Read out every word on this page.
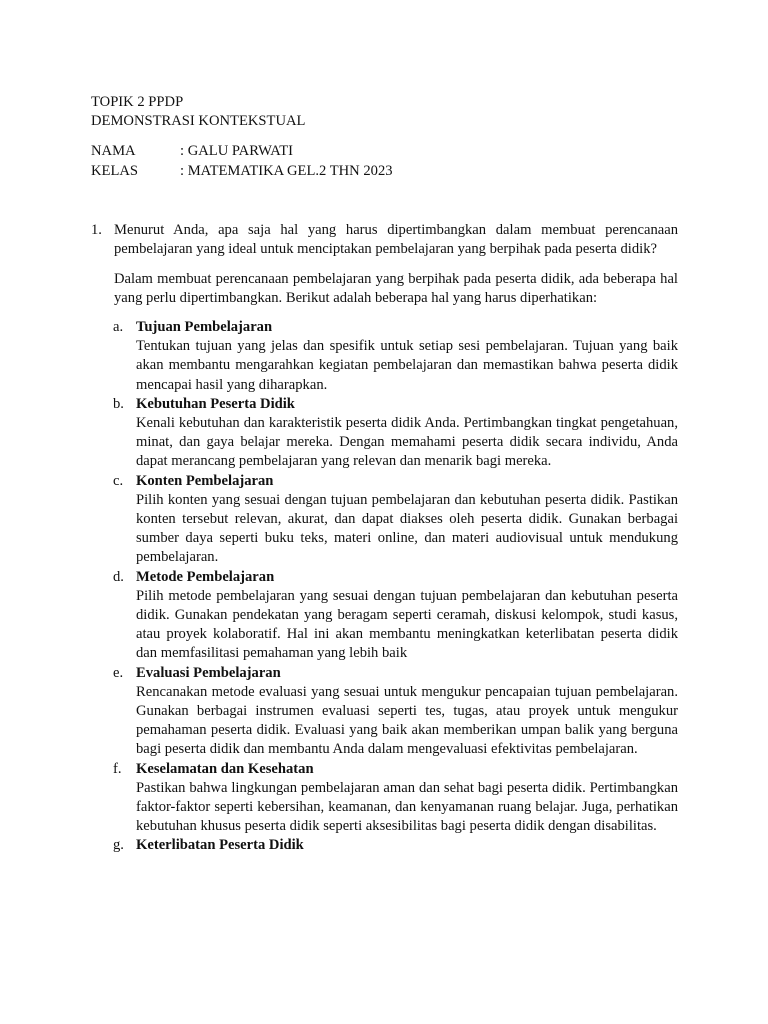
TOPIK 2 PPDP
DEMONSTRASI KONTEKSTUAL
NAMA	: GALU PARWATI
KELAS	: MATEMATIKA GEL.2 THN 2023
1. Menurut Anda, apa saja hal yang harus dipertimbangkan dalam membuat perencanaan pembelajaran yang ideal untuk menciptakan pembelajaran yang berpihak pada peserta didik?
Dalam membuat perencanaan pembelajaran yang berpihak pada peserta didik, ada beberapa hal yang perlu dipertimbangkan. Berikut adalah beberapa hal yang harus diperhatikan:
a. Tujuan Pembelajaran
Tentukan tujuan yang jelas dan spesifik untuk setiap sesi pembelajaran. Tujuan yang baik akan membantu mengarahkan kegiatan pembelajaran dan memastikan bahwa peserta didik mencapai hasil yang diharapkan.
b. Kebutuhan Peserta Didik
Kenali kebutuhan dan karakteristik peserta didik Anda. Pertimbangkan tingkat pengetahuan, minat, dan gaya belajar mereka. Dengan memahami peserta didik secara individu, Anda dapat merancang pembelajaran yang relevan dan menarik bagi mereka.
c. Konten Pembelajaran
Pilih konten yang sesuai dengan tujuan pembelajaran dan kebutuhan peserta didik. Pastikan konten tersebut relevan, akurat, dan dapat diakses oleh peserta didik. Gunakan berbagai sumber daya seperti buku teks, materi online, dan materi audiovisual untuk mendukung pembelajaran.
d. Metode Pembelajaran
Pilih metode pembelajaran yang sesuai dengan tujuan pembelajaran dan kebutuhan peserta didik. Gunakan pendekatan yang beragam seperti ceramah, diskusi kelompok, studi kasus, atau proyek kolaboratif. Hal ini akan membantu meningkatkan keterlibatan peserta didik dan memfasilitasi pemahaman yang lebih baik
e. Evaluasi Pembelajaran
Rencanakan metode evaluasi yang sesuai untuk mengukur pencapaian tujuan pembelajaran. Gunakan berbagai instrumen evaluasi seperti tes, tugas, atau proyek untuk mengukur pemahaman peserta didik. Evaluasi yang baik akan memberikan umpan balik yang berguna bagi peserta didik dan membantu Anda dalam mengevaluasi efektivitas pembelajaran.
f. Keselamatan dan Kesehatan
Pastikan bahwa lingkungan pembelajaran aman dan sehat bagi peserta didik. Pertimbangkan faktor-faktor seperti kebersihan, keamanan, dan kenyamanan ruang belajar. Juga, perhatikan kebutuhan khusus peserta didik seperti aksesibilitas bagi peserta didik dengan disabilitas.
g. Keterlibatan Peserta Didik
